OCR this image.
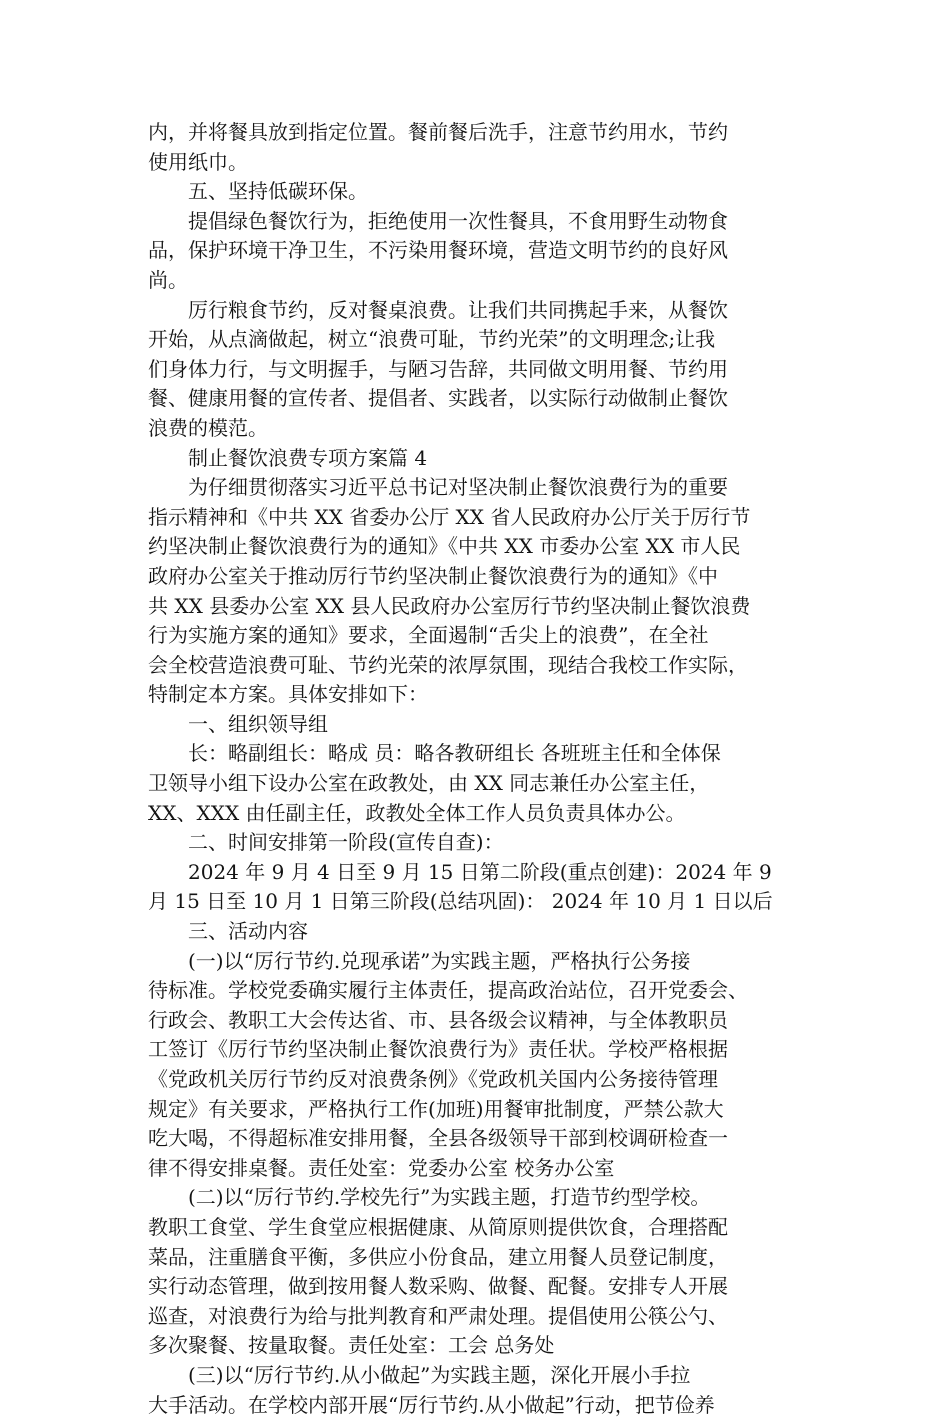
内，并将餐具放到指定位置。餐前餐后洗手，注意节约用水，节约
使用纸巾。
五、坚持低碳环保。
提倡绿色餐饮行为，拒绝使用一次性餐具，不食用野生动物食
品，保护环境干净卫生，不污染用餐环境，营造文明节约的良好风
尚。
厉行粮食节约，反对餐桌浪费。让我们共同携起手来，从餐饮
开始，从点滴做起，树立“浪费可耻，节约光荣”的文明理念;让我
们身体力行，与文明握手，与陋习告辞，共同做文明用餐、节约用
餐、健康用餐的宣传者、提倡者、实践者，以实际行动做制止餐饮
浪费的模范。
制止餐饮浪费专项方案篇 4
为仔细贯彻落实习近平总书记对坚决制止餐饮浪费行为的重要
指示精神和《中共 XX 省委办公厅 XX 省人民政府办公厅关于厉行节
约坚决制止餐饮浪费行为的通知》《中共 XX 市委办公室 XX 市人民
政府办公室关于推动厉行节约坚决制止餐饮浪费行为的通知》《中
共 XX 县委办公室 XX 县人民政府办公室厉行节约坚决制止餐饮浪费
行为实施方案的通知》要求，全面遏制“舌尖上的浪费”，在全社
会全校营造浪费可耻、节约光荣的浓厚氛围，现结合我校工作实际，
特制定本方案。具体安排如下：
一、组织领导组
长：略副组长：略成 员：略各教研组长 各班班主任和全体保
卫领导小组下设办公室在政教处，由 XX 同志兼任办公室主任，
XX、XXX 由任副主任，政教处全体工作人员负责具体办公。
二、时间安排第一阶段(宣传自查)：
2024 年 9 月 4 日至 9 月 15 日第二阶段(重点创建)：2024 年 9
月 15 日至 10 月 1 日第三阶段(总结巩固)： 2024 年 10 月 1 日以后
三、活动内容
(一)以“厉行节约.兑现承诺”为实践主题，严格执行公务接
待标准。学校党委确实履行主体责任，提高政治站位，召开党委会、
行政会、教职工大会传达省、市、县各级会议精神，与全体教职员
工签订《厉行节约坚决制止餐饮浪费行为》责任状。学校严格根据
《党政机关厉行节约反对浪费条例》《党政机关国内公务接待管理
规定》有关要求，严格执行工作(加班)用餐审批制度，严禁公款大
吃大喝，不得超标准安排用餐，全县各级领导干部到校调研检查一
律不得安排桌餐。责任处室：党委办公室 校务办公室
(二)以“厉行节约.学校先行”为实践主题，打造节约型学校。
教职工食堂、学生食堂应根据健康、从简原则提供饮食，合理搭配
菜品，注重膳食平衡，多供应小份食品，建立用餐人员登记制度，
实行动态管理，做到按用餐人数采购、做餐、配餐。安排专人开展
巡查，对浪费行为给与批判教育和严肃处理。提倡使用公筷公勺、
多次聚餐、按量取餐。责任处室：工会 总务处
(三)以“厉行节约.从小做起”为实践主题，深化开展小手拉
大手活动。在学校内部开展“厉行节约.从小做起”行动，把节俭养
